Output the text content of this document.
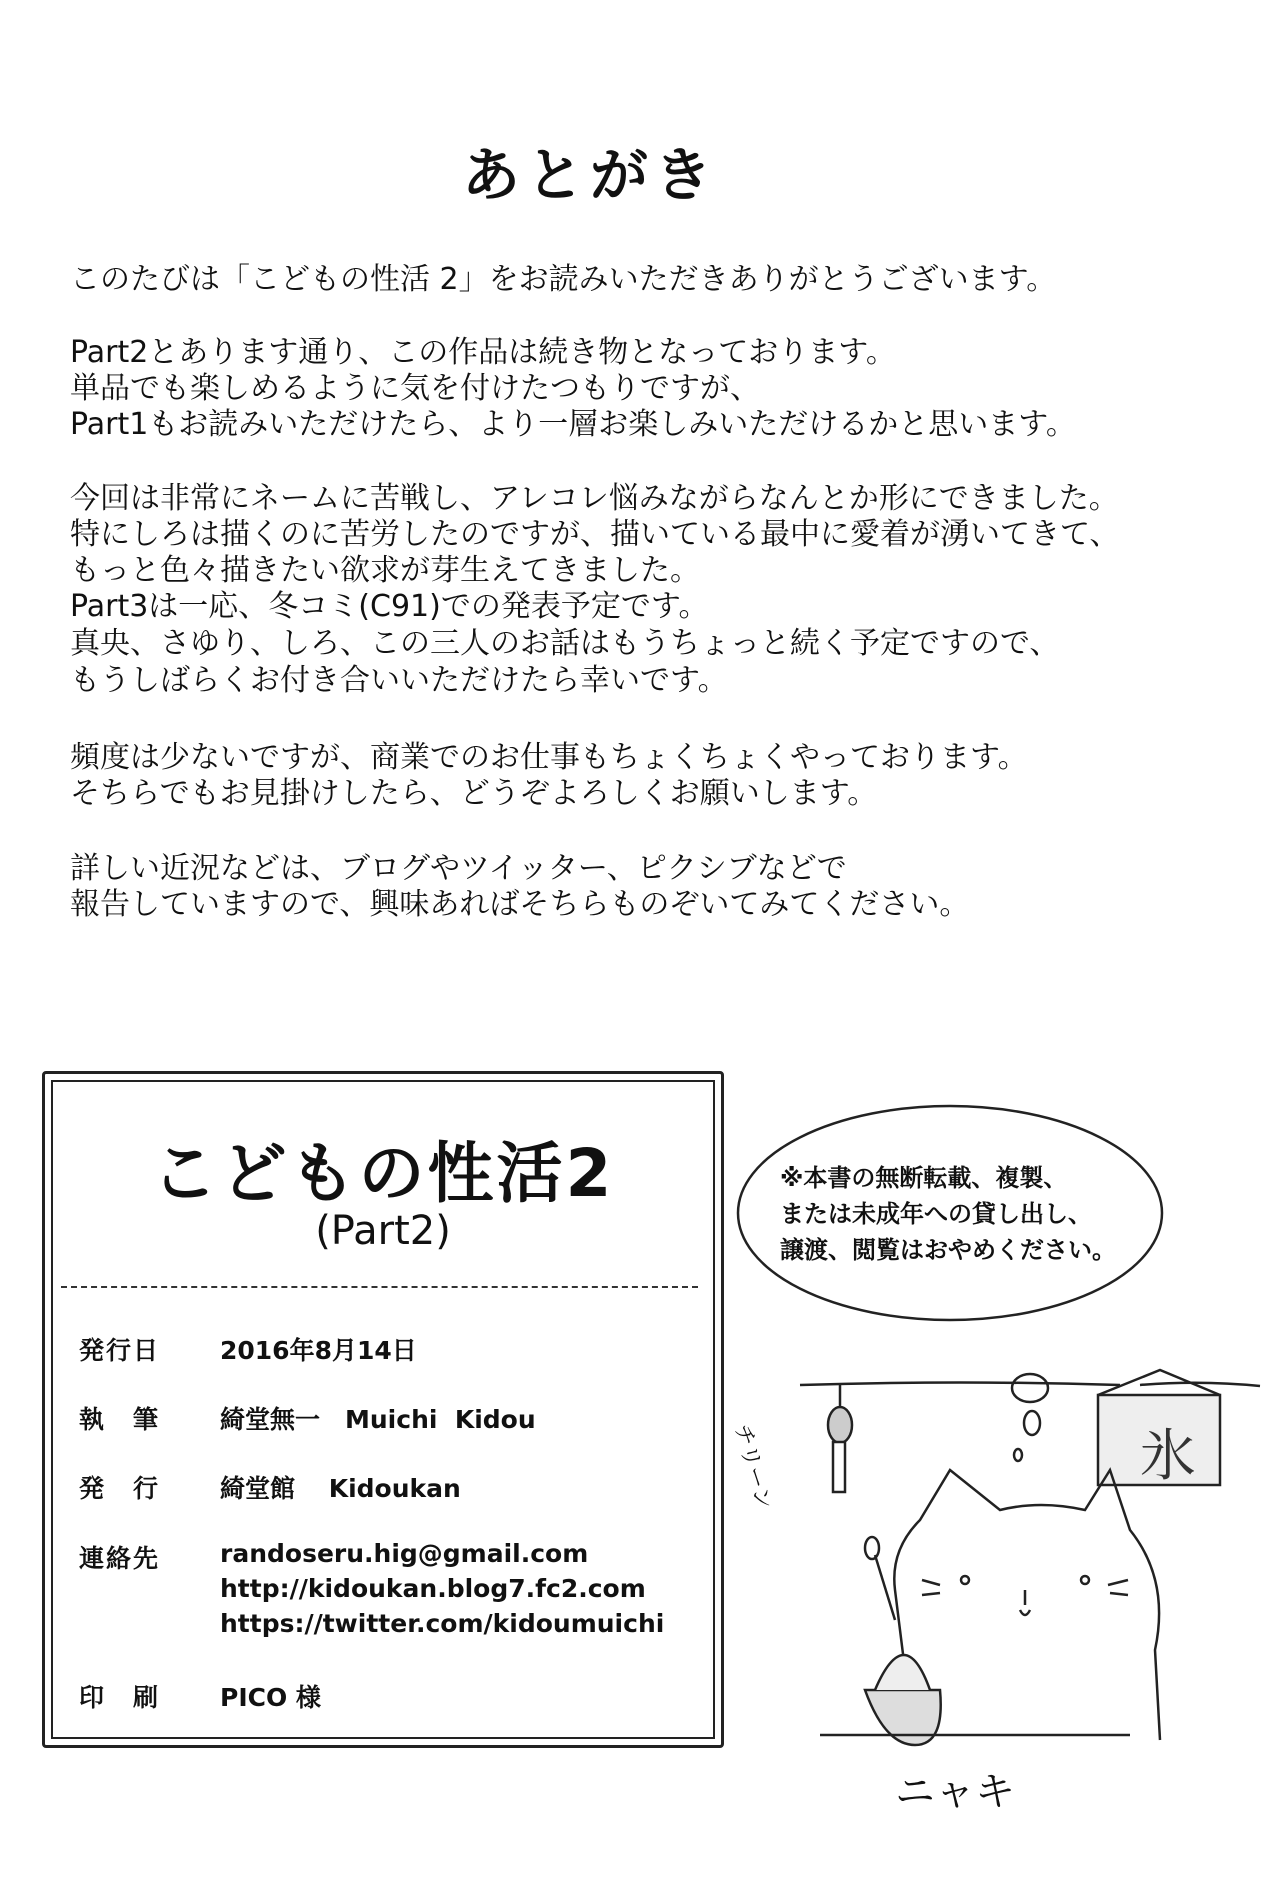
あとがき
このたびは「こどもの性活 2」をお読みいただきありがとうございます。
Part2とあります通り、この作品は続き物となっております。
単品でも楽しめるように気を付けたつもりですが、
Part1もお読みいただけたら、より一層お楽しみいただけるかと思います。
今回は非常にネームに苦戦し、アレコレ悩みながらなんとか形にできました。
特にしろは描くのに苦労したのですが、描いている最中に愛着が湧いてきて、
もっと色々描きたい欲求が芽生えてきました。
Part3は一応、冬コミ(C91)での発表予定です。
真央、さゆり、しろ、この三人のお話はもうちょっと続く予定ですので、
もうしばらくお付き合いいただけたら幸いです。
頻度は少ないですが、商業でのお仕事もちょくちょくやっております。
そちらでもお見掛けしたら、どうぞよろしくお願いします。
詳しい近況などは、ブログやツイッター、ピクシブなどで
報告していますので、興味あればそちらものぞいてみてください。
こどもの性活2
(Part2)
発行日 2016年8月14日
執　筆 綺堂無一　Muichi  Kidou
発　行 綺堂館　 Kidoukan
連絡先 randoseru.hig@gmail.com
http://kidoukan.blog7.fc2.com
https://twitter.com/kidoumuichi
印　刷 PICO 様
氷
チリーン
ニャキ
※本書の無断転載、複製、
または未成年への貸し出し、
譲渡、閲覧はおやめください。
